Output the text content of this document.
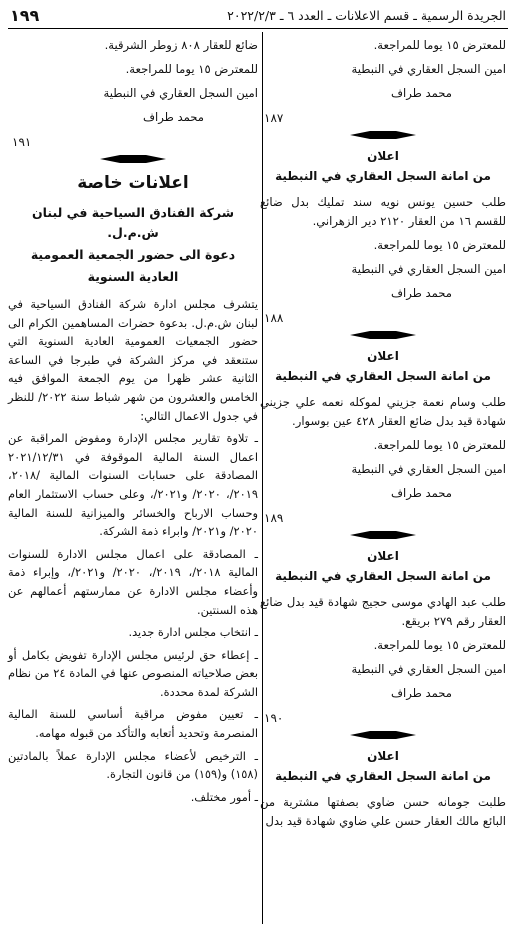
الجريدة الرسمية ـ قسم الاعلانات ـ العدد ٦ ـ ٢٠٢٢/٢/٣
١٩٩
للمعترض ١٥ يوما للمراجعة.
امين السجل العقاري في النبطية
محمد طراف
١٨٧
اعلان
من امانة السجل العقاري في النبطية
طلب حسين يونس نويه سند تمليك بدل ضائع للقسم ١٦ من العقار ٢١٢٠ دير الزهراني.
للمعترض ١٥ يوما للمراجعة.
امين السجل العقاري في النبطية
محمد طراف
١٨٨
اعلان
من امانة السجل العقاري في النبطية
طلب وسام نعمة جزيني لموكله نعمه علي جزيني شهادة قيد بدل ضائع العقار ٤٢٨ عين بوسوار.
للمعترض ١٥ يوما للمراجعة.
امين السجل العقاري في النبطية
محمد طراف
١٨٩
اعلان
من امانة السجل العقاري في النبطية
طلب عبد الهادي موسى حجيج شهادة قيد بدل ضائع العقار رقم ٢٧٩ بريقع.
للمعترض ١٥ يوما للمراجعة.
امين السجل العقاري في النبطية
محمد طراف
١٩٠
اعلان
من امانة السجل العقاري في النبطية
طلبت جومانه حسن ضاوي بصفتها مشترية من البائع مالك العقار حسن علي ضاوي شهادة قيد بدل
ضائع للعقار ٨٠٨ زوطر الشرقية.
للمعترض ١٥ يوما للمراجعة.
امين السجل العقاري في النبطية
محمد طراف
١٩١
اعلانات خاصة
شركة الفنادق السياحية في لبنان ش.م.ل.
دعوة الى حضور الجمعية العمومية
العادية السنوية
يتشرف مجلس ادارة شركة الفنادق السياحية في لبنان ش.م.ل. بدعوة حضرات المساهمين الكرام الى حضور الجمعيات العمومية العادية السنوية التي ستنعقد في مركز الشركة في طبرجا في الساعة الثانية عشر ظهرا من يوم الجمعة الموافق فيه الخامس والعشرون من شهر شباط سنة ٢٠٢٢/ للنظر في جدول الاعمال التالي:
ـ تلاوة تقارير مجلس الإدارة ومفوض المراقبة عن اعمال السنة المالية الموقوفة في ٢٠٢١/١٢/٣١ المصادقة على حسابات السنوات المالية /٢٠١٨، ٢٠١٩/، ٢٠٢٠/ و٢٠٢١/، وعلى حساب الاستثمار العام وحساب الارباح والخسائر والميزانية للسنة المالية ٢٠٢٠/ و٢٠٢١/ وابراء ذمة الشركة.
ـ المصادقة على اعمال مجلس الادارة للسنوات المالية ٢٠١٨/، ٢٠١٩/، ٢٠٢٠/ و٢٠٢١/، وإبراء ذمة وأعضاء مجلس الادارة عن ممارستهم أعمالهم عن هذه السنتين.
ـ انتخاب مجلس ادارة جديد.
ـ إعطاء حق لرئيس مجلس الإدارة تفويض بكامل أو بعض صلاحياته المنصوص عنها في المادة ٢٤ من نظام الشركة لمدة محددة.
ـ تعيين مفوض مراقبة أساسي للسنة المالية المنصرمة وتحديد أتعابه والتأكد من قبوله مهامه.
ـ الترخيص لأعضاء مجلس الإدارة عملاً بالمادتين (١٥٨) و(١٥٩) من قانون التجارة.
ـ أمور مختلف.
